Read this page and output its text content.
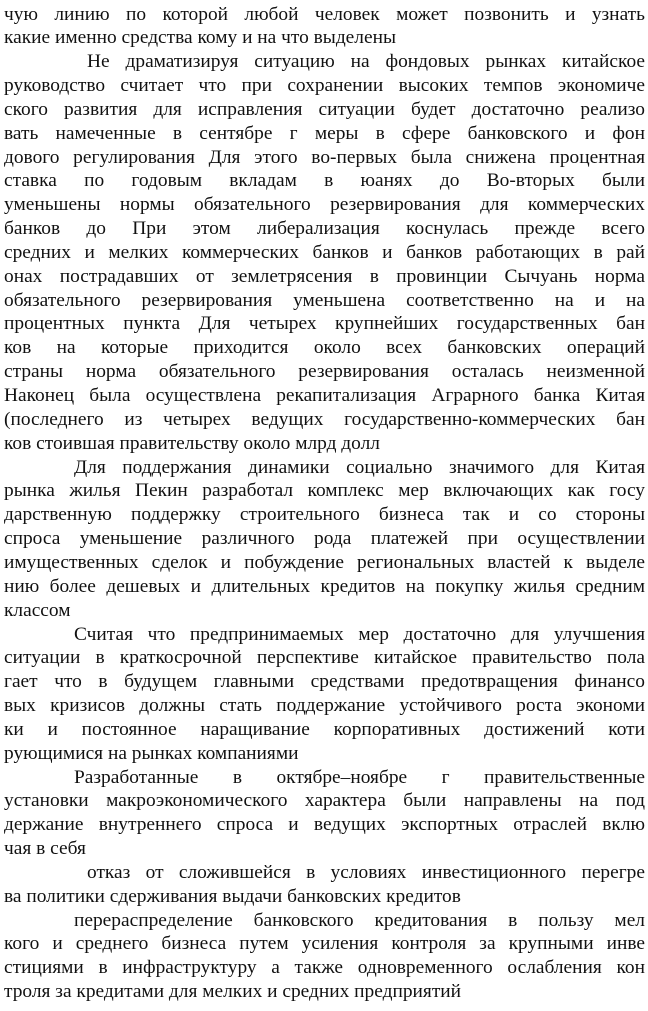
чую линию по которой любой человек может позвонить и узнать
какие именно средства кому и на что выделены
Не драматизируя ситуацию на фондовых рынках китайское
руководство считает что при сохранении высоких темпов экономиче
ского развития для исправления ситуации будет достаточно реализо
вать намеченные в сентябре г меры в сфере банковского и фон
дового регулирования Для этого во-первых была снижена процентная
ставка по годовым вкладам в юанях до Во-вторых были
уменьшены нормы обязательного резервирования для коммерческих
банков до При этом либерализация коснулась прежде всего
средних и мелких коммерческих банков и банков работающих в рай
онах пострадавших от землетрясения в провинции Сычуань норма
обязательного резервирования уменьшена соответственно на и на
процентных пункта Для четырех крупнейших государственных бан
ков на которые приходится около всех банковских операций
страны норма обязательного резервирования осталась неизменной
Наконец была осуществлена рекапитализация Аграрного банка Китая
(последнего из четырех ведущих государственно-коммерческих бан
ков стоившая правительству около млрд долл
Для поддержания динамики социально значимого для Китая
рынка жилья Пекин разработал комплекс мер включающих как госу
дарственную поддержку строительного бизнеса так и со стороны
спроса уменьшение различного рода платежей при осуществлении
имущественных сделок и побуждение региональных властей к выделе
нию более дешевых и длительных кредитов на покупку жилья средним
классом
Считая что предпринимаемых мер достаточно для улучшения
ситуации в краткосрочной перспективе китайское правительство пола
гает что в будущем главными средствами предотвращения финансо
вых кризисов должны стать поддержание устойчивого роста экономи
ки и постоянное наращивание корпоративных достижений коти
рующимися на рынках компаниями
Разработанные в октябре–ноябре г правительственные
установки макроэкономического характера были направлены на под
держание внутреннего спроса и ведущих экспортных отраслей вклю
чая в себя
отказ от сложившейся в условиях инвестиционного перегре
ва политики сдерживания выдачи банковских кредитов
перераспределение банковского кредитования в пользу мел
кого и среднего бизнеса путем усиления контроля за крупными инве
стициями в инфраструктуру а также одновременного ослабления кон
троля за кредитами для мелких и средних предприятий
